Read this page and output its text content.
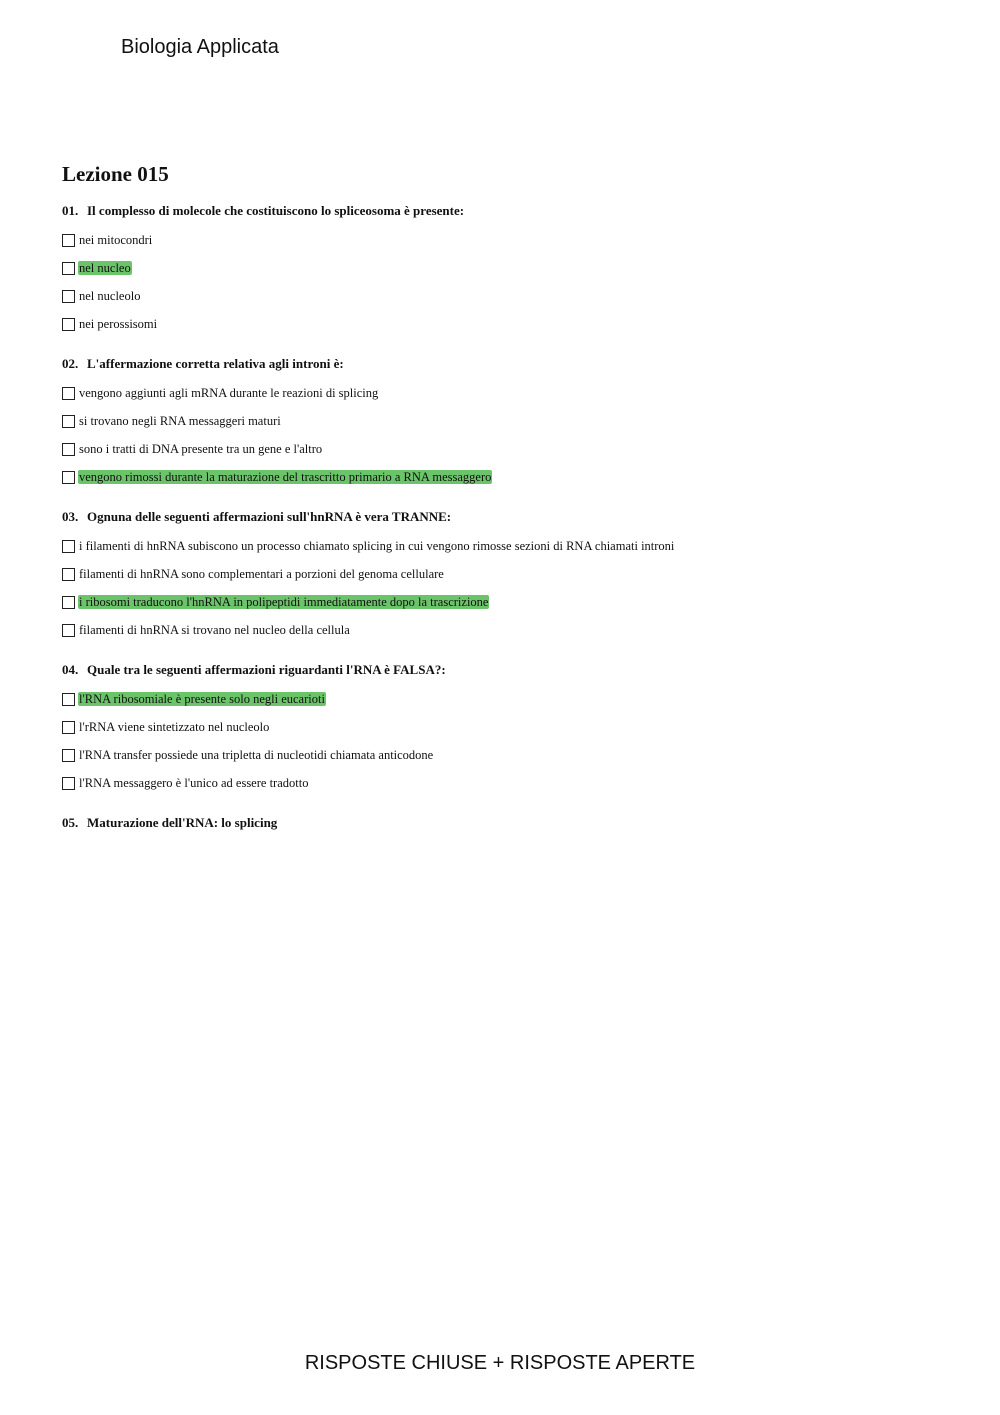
Biologia Applicata
Lezione 015
01. Il complesso di molecole che costituiscono lo spliceosoma è presente:
nei mitocondri
nel nucleo
nel nucleolo
nei perossisomi
02. L'affermazione corretta relativa agli introni è:
vengono aggiunti agli mRNA durante le reazioni di splicing
si trovano negli RNA messaggeri maturi
sono i tratti di DNA presente tra un gene e l'altro
vengono rimossi durante la maturazione del trascritto primario a RNA messaggero
03. Ognuna delle seguenti affermazioni sull'hnRNA è vera TRANNE:
i filamenti di hnRNA subiscono un processo chiamato splicing in cui vengono rimosse sezioni di RNA chiamati introni
filamenti di hnRNA sono complementari a porzioni del genoma cellulare
i ribosomi traducono l'hnRNA in polipeptidi immediatamente dopo la trascrizione
filamenti di hnRNA si trovano nel nucleo della cellula
04. Quale tra le seguenti affermazioni riguardanti l'RNA è FALSA?:
l'RNA ribosomiale è presente solo negli eucarioti
l'rRNA viene sintetizzato nel nucleolo
l'RNA transfer possiede una tripletta di nucleotidi chiamata anticodone
l'RNA messaggero è l'unico ad essere tradotto
05. Maturazione dell'RNA: lo splicing
RISPOSTE CHIUSE + RISPOSTE APERTE
